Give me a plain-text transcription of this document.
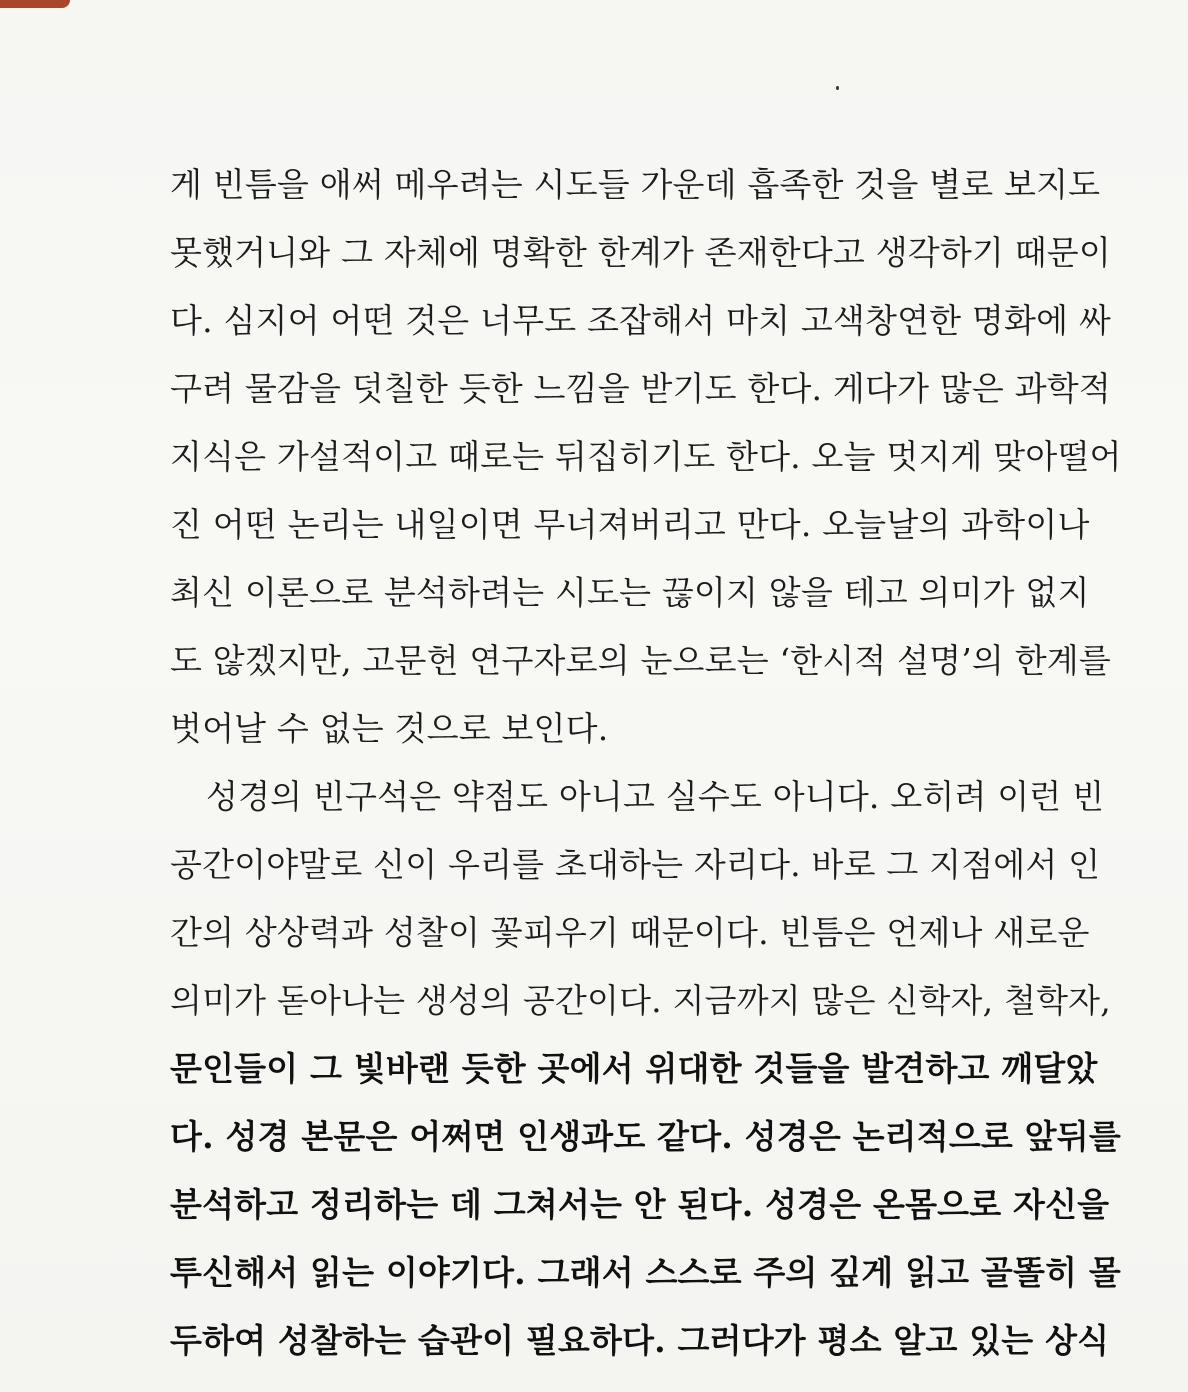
게 빈틈을 애써 메우려는 시도들 가운데 흡족한 것을 별로 보지도
못했거니와 그 자체에 명확한 한계가 존재한다고 생각하기 때문이
다. 심지어 어떤 것은 너무도 조잡해서 마치 고색창연한 명화에 싸
구려 물감을 덧칠한 듯한 느낌을 받기도 한다. 게다가 많은 과학적
지식은 가설적이고 때로는 뒤집히기도 한다. 오늘 멋지게 맞아떨어
진 어떤 논리는 내일이면 무너져버리고 만다. 오늘날의 과학이나
최신 이론으로 분석하려는 시도는 끊이지 않을 테고 의미가 없지
도 않겠지만, 고문헌 연구자로의 눈으로는 ‘한시적 설명’의 한계를
벗어날 수 없는 것으로 보인다.
성경의 빈구석은 약점도 아니고 실수도 아니다. 오히려 이런 빈
공간이야말로 신이 우리를 초대하는 자리다. 바로 그 지점에서 인
간의 상상력과 성찰이 꽃피우기 때문이다. 빈틈은 언제나 새로운
의미가 돋아나는 생성의 공간이다. 지금까지 많은 신학자, 철학자,
문인들이 그 빛바랜 듯한 곳에서 위대한 것들을 발견하고 깨달았
다. 성경 본문은 어쩌면 인생과도 같다. 성경은 논리적으로 앞뒤를
분석하고 정리하는 데 그쳐서는 안 된다. 성경은 온몸으로 자신을
투신해서 읽는 이야기다. 그래서 스스로 주의 깊게 읽고 골똘히 몰
두하여 성찰하는 습관이 필요하다. 그러다가 평소 알고 있는 상식
